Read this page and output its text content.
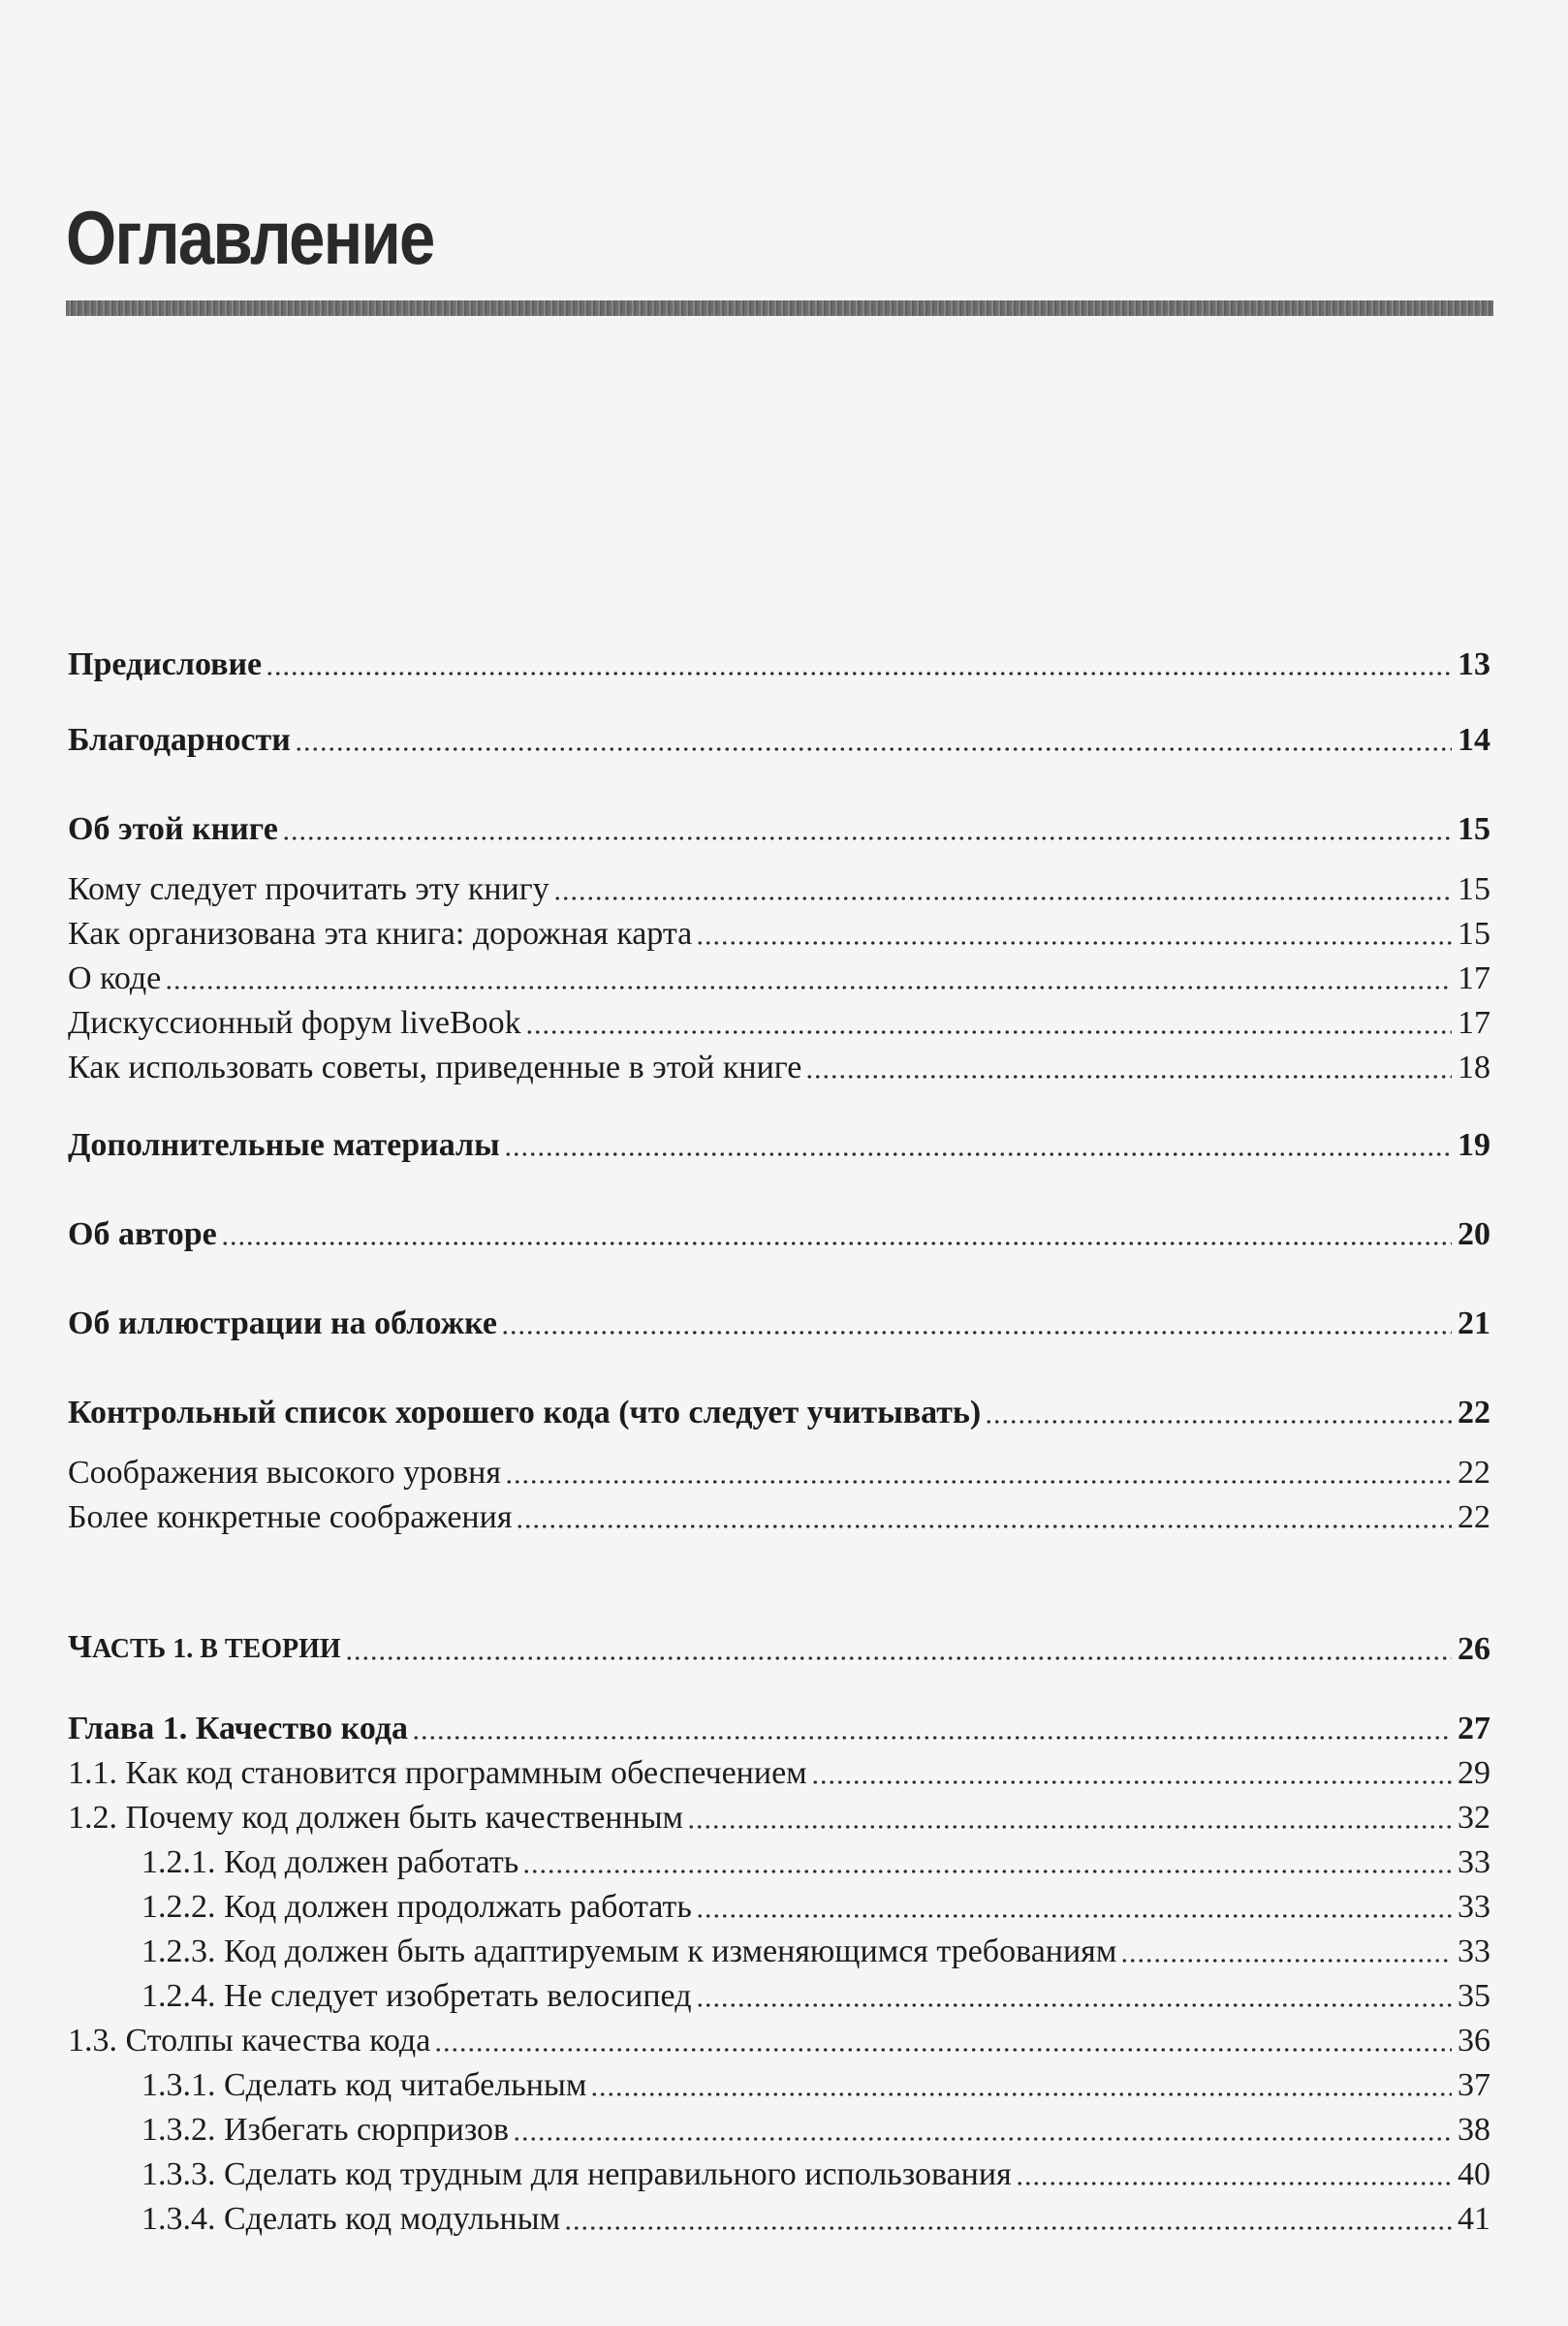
Оглавление
Предисловие	13
Благодарности	14
Об этой книге	15
Кому следует прочитать эту книгу	15
Как организована эта книга: дорожная карта	15
О коде	17
Дискуссионный форум liveBook	17
Как использовать советы, приведенные в этой книге	18
Дополнительные материалы	19
Об авторе	20
Об иллюстрации на обложке	21
Контрольный список хорошего кода (что следует учитывать)	22
Соображения высокого уровня	22
Более конкретные соображения	22
ЧАСТЬ 1. В ТЕОРИИ	26
Глава 1. Качество кода	27
1.1. Как код становится программным обеспечением	29
1.2. Почему код должен быть качественным	32
1.2.1. Код должен работать	33
1.2.2. Код должен продолжать работать	33
1.2.3. Код должен быть адаптируемым к изменяющимся требованиям	33
1.2.4. Не следует изобретать велосипед	35
1.3. Столпы качества кода	36
1.3.1. Сделать код читабельным	37
1.3.2. Избегать сюрпризов	38
1.3.3. Сделать код трудным для неправильного использования	40
1.3.4. Сделать код модульным	41
